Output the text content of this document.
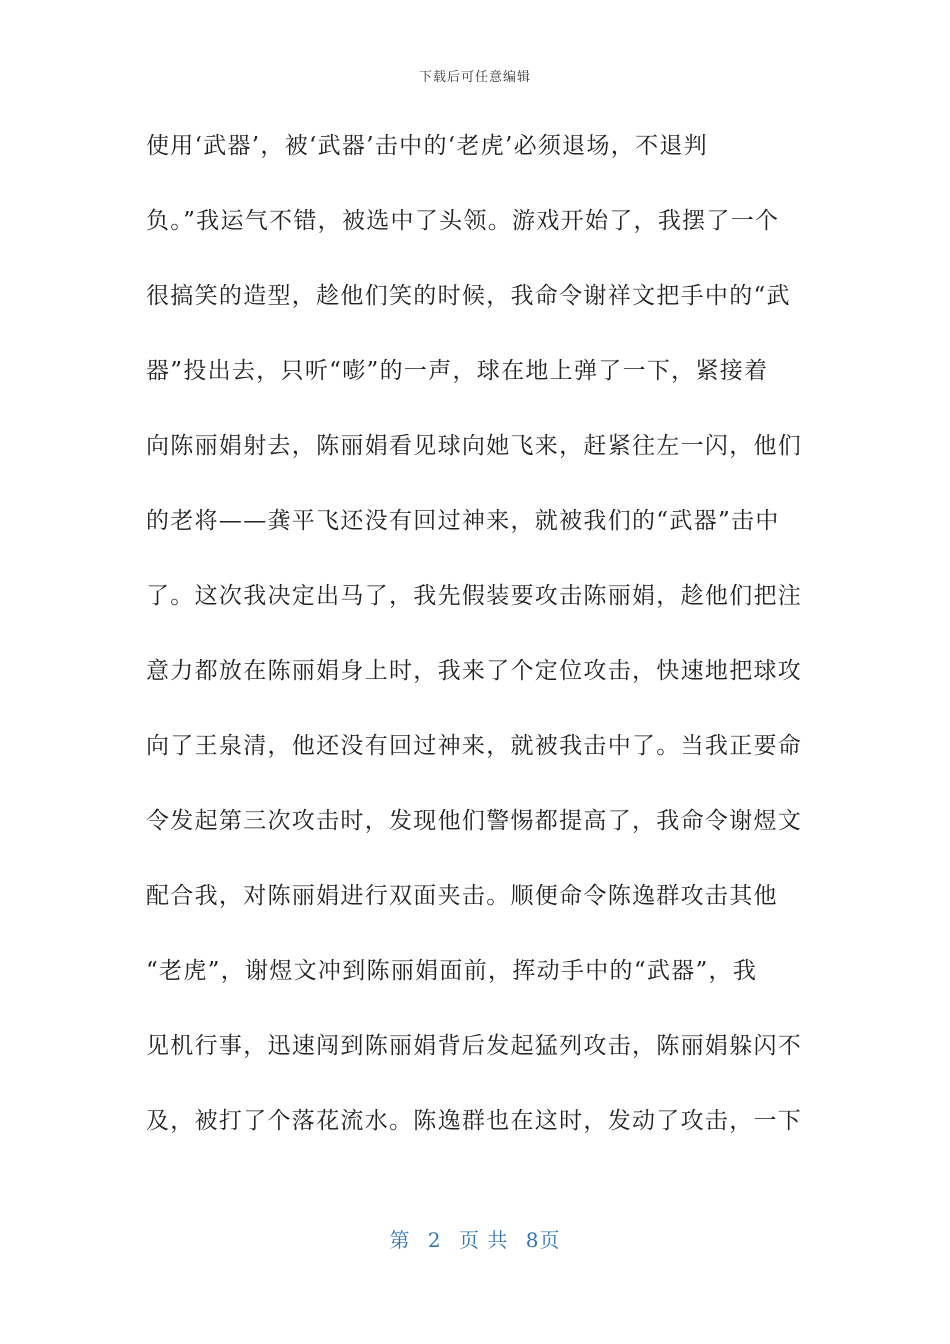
下载后可任意编辑
使用‘武器’，被‘武器’击中的‘老虎’必须退场，不退判
负。”我运气不错，被选中了头领。游戏开始了，我摆了一个
很搞笑的造型，趁他们笑的时候，我命令谢祥文把手中的“武
器”投出去，只听“嘭”的一声，球在地上弹了一下，紧接着
向陈丽娟射去，陈丽娟看见球向她飞来，赶紧往左一闪，他们
的老将——龚平飞还没有回过神来，就被我们的“武器”击中
了。这次我决定出马了，我先假装要攻击陈丽娟，趁他们把注
意力都放在陈丽娟身上时，我来了个定位攻击，快速地把球攻
向了王泉清，他还没有回过神来，就被我击中了。当我正要命
令发起第三次攻击时，发现他们警惕都提高了，我命令谢煜文
配合我，对陈丽娟进行双面夹击。顺便命令陈逸群攻击其他
“老虎”，谢煜文冲到陈丽娟面前，挥动手中的“武器”，我
见机行事，迅速闯到陈丽娟背后发起猛列攻击，陈丽娟躲闪不
及，被打了个落花流水。陈逸群也在这时，发动了攻击，一下
第 2 页 共 8页
